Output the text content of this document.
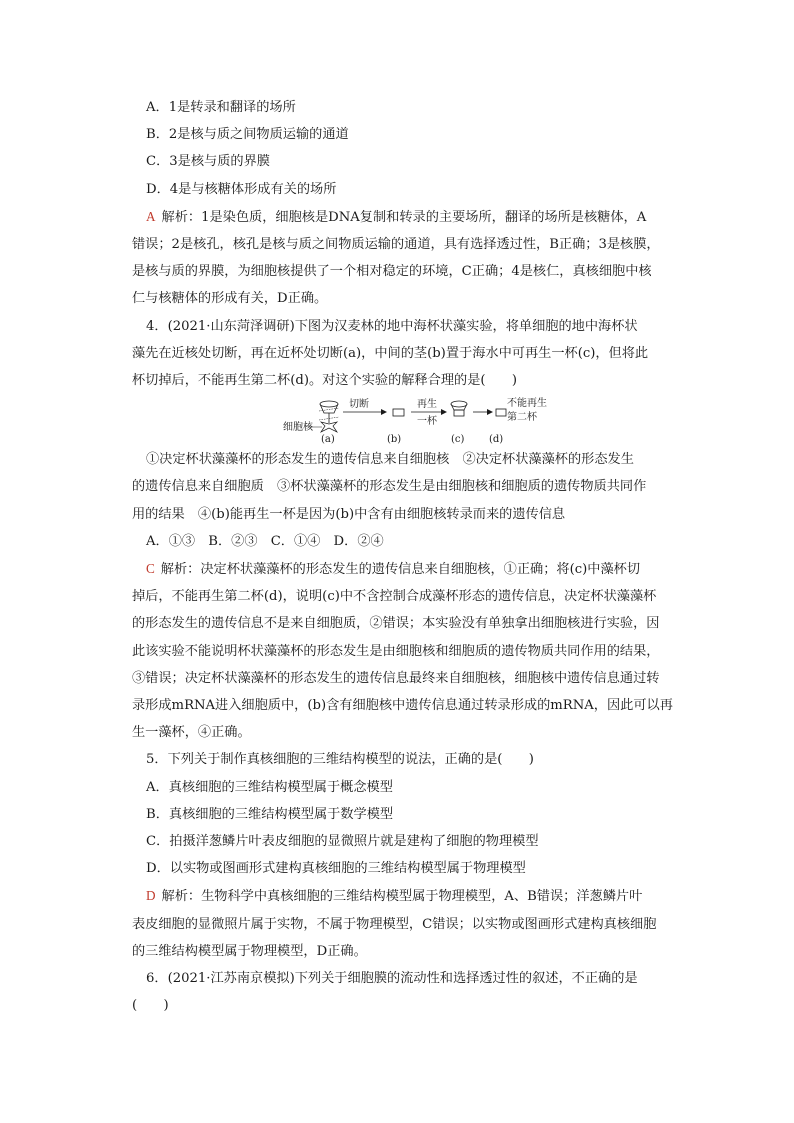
A．1是转录和翻译的场所
B．2是核与质之间物质运输的通道
C．3是核与质的界膜
D．4是与核糖体形成有关的场所
A 解析：1是染色质，细胞核是DNA复制和转录的主要场所，翻译的场所是核糖体，A
错误；2是核孔，核孔是核与质之间物质运输的通道，具有选择透过性，B正确；3是核膜，
是核与质的界膜，为细胞核提供了一个相对稳定的环境，C正确；4是核仁，真核细胞中核
仁与核糖体的形成有关，D正确。
4．(2021·山东菏泽调研)下图为汉麦林的地中海杯状藻实验，将单细胞的地中海杯状
藻先在近核处切断，再在近杯处切断(a)，中间的茎(b)置于海水中可再生一杯(c)，但将此
杯切掉后，不能再生第二杯(d)。对这个实验的解释合理的是(　　)
细胞核
切断	再生
一杯
不能再生
第二杯
(a)	(b)	(c) (d)
①决定杯状藻藻杯的形态发生的遗传信息来自细胞核　②决定杯状藻藻杯的形态发生
的遗传信息来自细胞质　③杯状藻藻杯的形态发生是由细胞核和细胞质的遗传物质共同作
用的结果　④(b)能再生一杯是因为(b)中含有由细胞核转录而来的遗传信息
A．①③　B．②③　C．①④　D．②④
C 解析：决定杯状藻藻杯的形态发生的遗传信息来自细胞核，①正确；将(c)中藻杯切
掉后，不能再生第二杯(d)，说明(c)中不含控制合成藻杯形态的遗传信息，决定杯状藻藻杯
的形态发生的遗传信息不是来自细胞质，②错误；本实验没有单独拿出细胞核进行实验，因
此该实验不能说明杯状藻藻杯的形态发生是由细胞核和细胞质的遗传物质共同作用的结果，
③错误；决定杯状藻藻杯的形态发生的遗传信息最终来自细胞核，细胞核中遗传信息通过转
录形成mRNA进入细胞质中，(b)含有细胞核中遗传信息通过转录形成的mRNA，因此可以再
生一藻杯，④正确。
5．下列关于制作真核细胞的三维结构模型的说法，正确的是(　　)
A．真核细胞的三维结构模型属于概念模型
B．真核细胞的三维结构模型属于数学模型
C．拍摄洋葱鳞片叶表皮细胞的显微照片就是建构了细胞的物理模型
D．以实物或图画形式建构真核细胞的三维结构模型属于物理模型
D 解析：生物科学中真核细胞的三维结构模型属于物理模型，A、B错误；洋葱鳞片叶
表皮细胞的显微照片属于实物，不属于物理模型，C错误；以实物或图画形式建构真核细胞
的三维结构模型属于物理模型，D正确。
6．(2021·江苏南京模拟)下列关于细胞膜的流动性和选择透过性的叙述，不正确的是
(　　)
